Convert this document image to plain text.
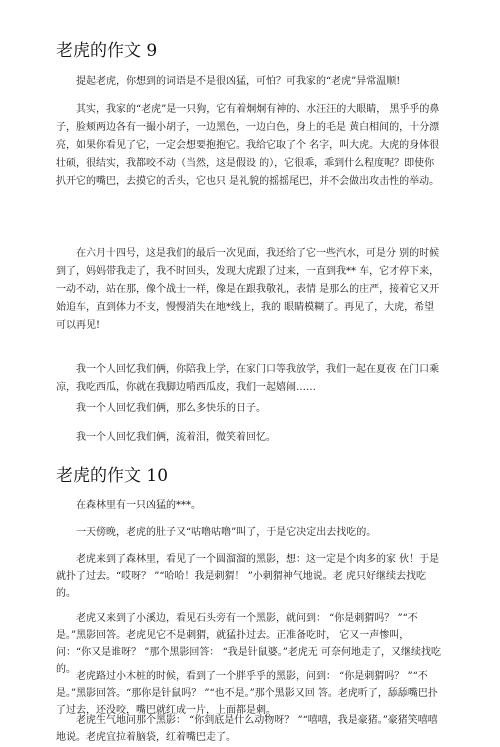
老虎的作文 9

提起老虎，你想到的词语是不是很凶猛，可怕？可我家的“老虎”异常温顺!

其实，我家的“老虎”是一只狗，它有着炯炯有神的、水汪汪的大眼睛， 黑乎乎的鼻子，脸颊两边各有一撮小胡子，一边黑色，一边白色，身上的毛是 黄白相间的，十分漂亮，如果你看见了它，一定会想要抱抱它。我给它取了个 名字，叫大虎。大虎的身体很壮硕，很结实，我都咬不动（当然，这是假设 的），它很乖，乖到什么程度呢？即使你扒开它的嘴巴，去摸它的舌头，它也只 是礼貌的摇摇尾巴，并不会做出攻击性的举动。

在六月十四号，这是我们的最后一次见面，我还给了它一些汽水，可是分 别的时候到了，妈妈带我走了，我不时回头，发现大虎跟了过来，一直到我** 车，它才停下来，一动不动，站在那，像个战士一样，像是在跟我敬礼，表情 是那么的庄严，接着它又开始追车，直到体力不支，慢慢消失在地*线上，我的 眼睛模糊了。再见了，大虎，希望可以再见!

我一个人回忆我们俩，你陪我上学，在家门口等我放学，我们一起在夏夜 在门口乘凉，我吃西瓜，你就在我脚边啃西瓜皮，我们一起嬉闹……

我一个人回忆我们俩，那么多快乐的日子。

我一个人回忆我们俩，流着泪，微笑着回忆。

老虎的作文 10

在森林里有一只凶猛的***。

一天傍晚，老虎的肚子又“咕噜咕噜”叫了，于是它决定出去找吃的。

老虎来到了森林里，看见了一个圆溜溜的黑影，想：这一定是个肉多的家 伙！于是就扑了过去。“哎呀？ ”“哈哈！我是刺猬！ ”小刺猬神气地说。老 虎只好继续去找吃的。

老虎又来到了小溪边，看见石头旁有一个黑影，就问到： “你是刺猬吗？ ”“不是。”黑影回答。老虎见它不是刺猬，就猛扑过去。正准备吃时， 它又一声惨叫，问：“你又是谁呀？ ”那个黑影回答： “我是针鼠婆。”老虎无 可奈何地走了，又继续找吃的。

老虎路过小木桩的时候，看到了一个胖乎乎的黑影，问到： “你是刺猬吗？ ”“不是。”黑影回答。“那你是针鼠吗？ ”“也不是。”那个黑影又回 答。老虎听了，舔舔嘴巴扑了过去，还没咬，嘴巴就红成一片，上面都是刺。

老虎生气地问那个黑影： “你到底是什么动物呀？ ”“嘻嘻，我是豪猪。”豪猪笑嘻嘻地说。老虎宜拉着脑袋，红着嘴巴走了。
